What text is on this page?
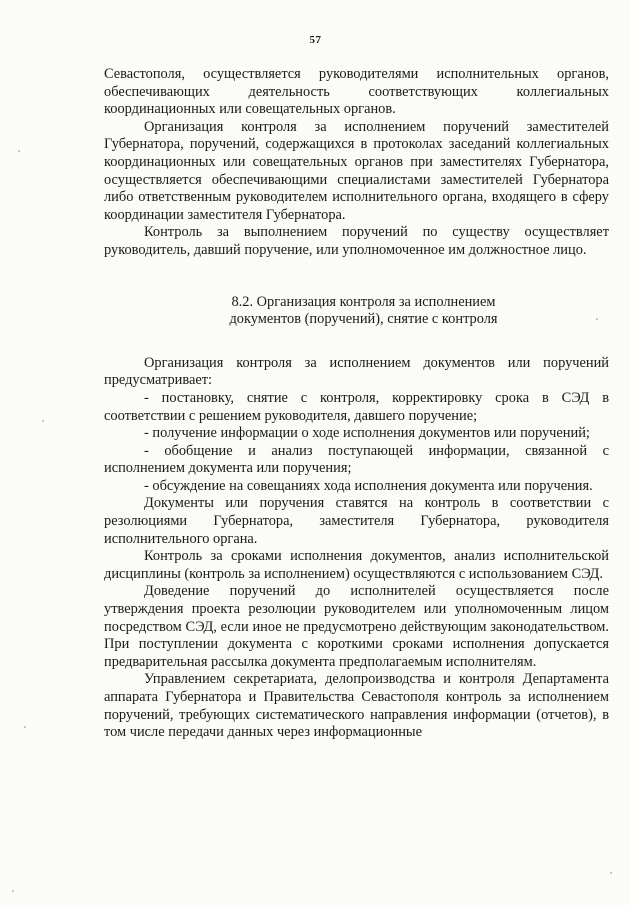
57

Севастополя, осуществляется руководителями исполнительных органов, обеспечивающих деятельность соответствующих коллегиальных координационных или совещательных органов.

Организация контроля за исполнением поручений заместителей Губернатора, поручений, содержащихся в протоколах заседаний коллегиальных координационных или совещательных органов при заместителях Губернатора, осуществляется обеспечивающими специалистами заместителей Губернатора либо ответственным руководителем исполнительного органа, входящего в сферу координации заместителя Губернатора.

Контроль за выполнением поручений по существу осуществляет руководитель, давший поручение, или уполномоченное им должностное лицо.

8.2. Организация контроля за исполнением

документов (поручений), снятие с контроля

Организация контроля за исполнением документов или поручений предусматривает:

- постановку, снятие с контроля, корректировку срока в СЭД в соответствии с решением руководителя, давшего поручение;

- получение информации о ходе исполнения документов или поручений;

- обобщение и анализ поступающей информации, связанной с исполнением документа или поручения;

- обсуждение на совещаниях хода исполнения документа или поручения.

Документы или поручения ставятся на контроль в соответствии с резолюциями Губернатора, заместителя Губернатора, руководителя исполнительного органа.

Контроль за сроками исполнения документов, анализ исполнительской дисциплины (контроль за исполнением) осуществляются с использованием СЭД.

Доведение поручений до исполнителей осуществляется после утверждения проекта резолюции руководителем или уполномоченным лицом посредством СЭД, если иное не предусмотрено действующим законодательством. При поступлении документа с короткими сроками исполнения допускается предварительная рассылка документа предполагаемым исполнителям.

Управлением секретариата, делопроизводства и контроля Департамента аппарата Губернатора и Правительства Севастополя контроль за исполнением поручений, требующих систематического направления информации (отчетов), в том числе передачи данных через информационные
